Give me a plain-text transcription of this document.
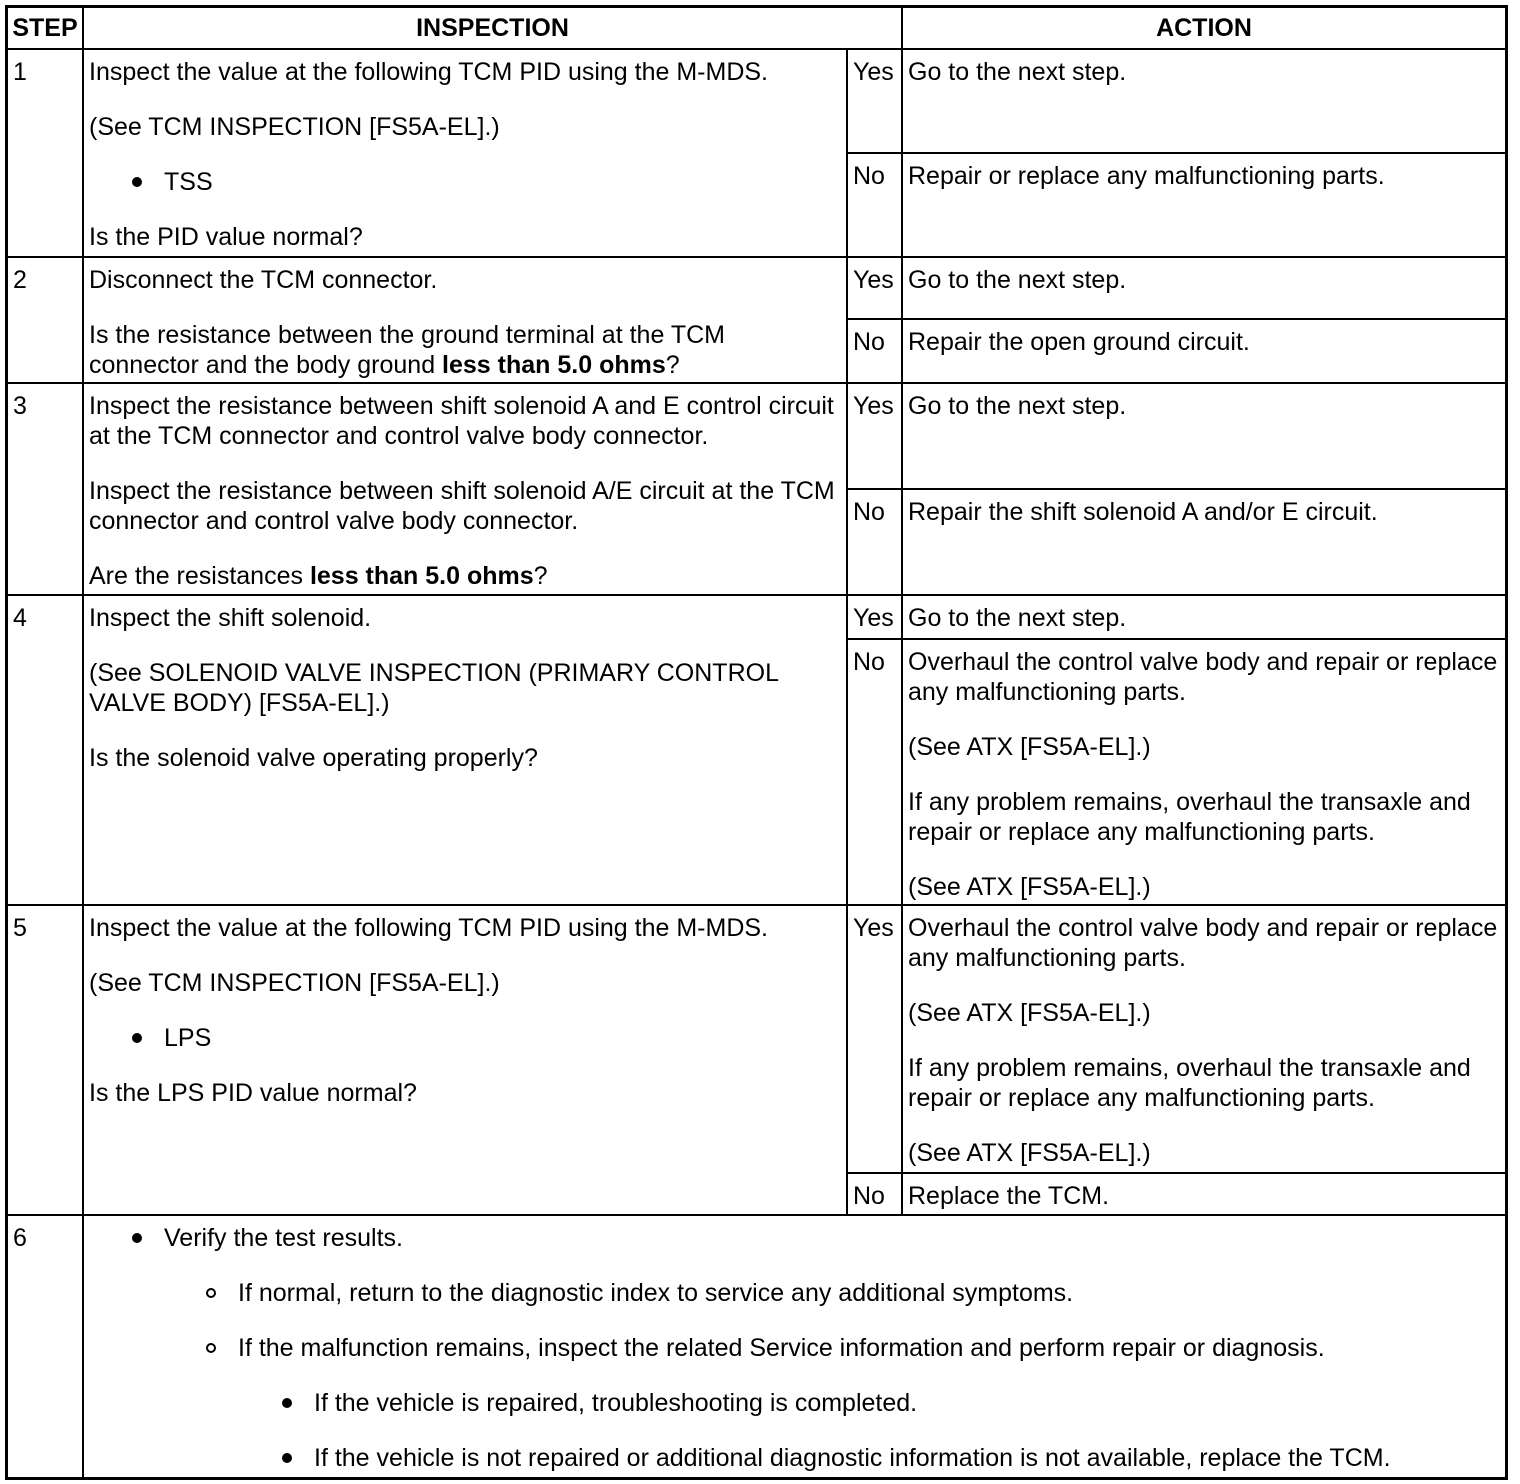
STEP	INSPECTION	ACTION
1	Inspect the value at the following TCM PID using the M-MDS.
(See TCM INSPECTION [FS5A-EL].)
TSS
Is the PID value normal?
Yes Go to the next step.
No Repair or replace any malfunctioning parts.
2	Disconnect the TCM connector.
Is the resistance between the ground terminal at the TCM
connector and the body ground less than 5.0 ohms?
Yes Go to the next step.
No Repair the open ground circuit.
3	Inspect the resistance between shift solenoid A and E control circuit
at the TCM connector and control valve body connector.
Inspect the resistance between shift solenoid A/E circuit at the TCM
connector and control valve body connector.
Are the resistances less than 5.0 ohms?
Yes Go to the next step.
No Repair the shift solenoid A and/or E circuit.
4	Inspect the shift solenoid.
(See SOLENOID VALVE INSPECTION (PRIMARY CONTROL
VALVE BODY) [FS5A-EL].)
Is the solenoid valve operating properly?
Yes Go to the next step.
No Overhaul the control valve body and repair or replace
any malfunctioning parts.
(See ATX [FS5A-EL].)
If any problem remains, overhaul the transaxle and
repair or replace any malfunctioning parts.
(See ATX [FS5A-EL].)
5	Inspect the value at the following TCM PID using the M-MDS.
(See TCM INSPECTION [FS5A-EL].)
LPS
Is the LPS PID value normal?
Yes Overhaul the control valve body and repair or replace
any malfunctioning parts.
(See ATX [FS5A-EL].)
If any problem remains, overhaul the transaxle and
repair or replace any malfunctioning parts.
(See ATX [FS5A-EL].)
No Replace the TCM.
6	Verify the test results.
If normal, return to the diagnostic index to service any additional symptoms.
If the malfunction remains, inspect the related Service information and perform repair or diagnosis.
If the vehicle is repaired, troubleshooting is completed.
If the vehicle is not repaired or additional diagnostic information is not available, replace the TCM.
